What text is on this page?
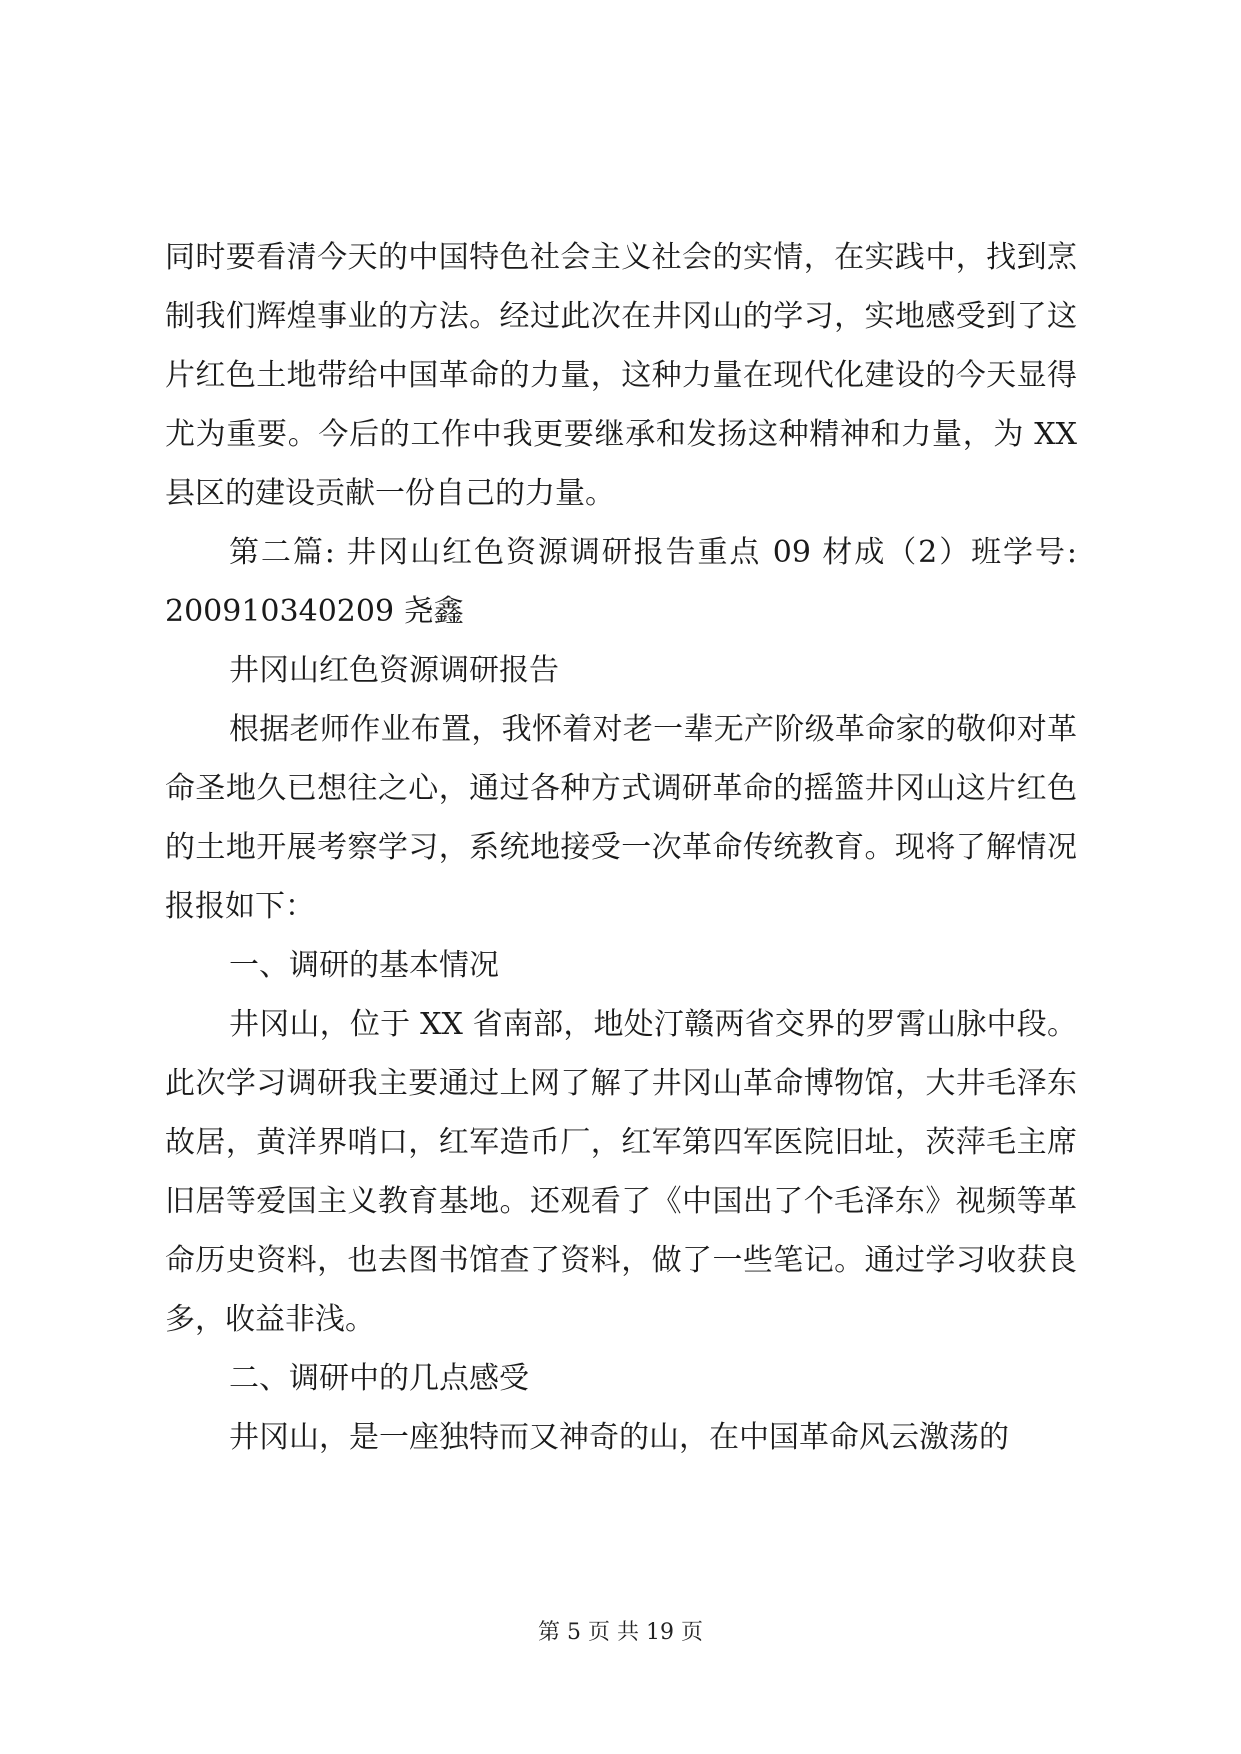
同时要看清今天的中国特色社会主义社会的实情，在实践中，找到烹制我们辉煌事业的方法。经过此次在井冈山的学习，实地感受到了这片红色土地带给中国革命的力量，这种力量在现代化建设的今天显得尤为重要。今后的工作中我更要继承和发扬这种精神和力量，为 XX 县区的建设贡献一份自己的力量。

第二篇: 井冈山红色资源调研报告重点 09 材成（2）班学号: 200910340209 尧鑫

井冈山红色资源调研报告

根据老师作业布置，我怀着对老一辈无产阶级革命家的敬仰对革命圣地久已想往之心，通过各种方式调研革命的摇篮井冈山这片红色的土地开展考察学习，系统地接受一次革命传统教育。现将了解情况报报如下：

一、调研的基本情况

井冈山，位于 XX 省南部，地处汀赣两省交界的罗霄山脉中段。此次学习调研我主要通过上网了解了井冈山革命博物馆，大井毛泽东故居，黄洋界哨口，红军造币厂，红军第四军医院旧址，茨萍毛主席旧居等爱国主义教育基地。还观看了《中国出了个毛泽东》视频等革命历史资料，也去图书馆查了资料，做了一些笔记。通过学习收获良多，收益非浅。

二、调研中的几点感受

井冈山，是一座独特而又神奇的山，在中国革命风云激荡的

第 5 页 共 19 页
